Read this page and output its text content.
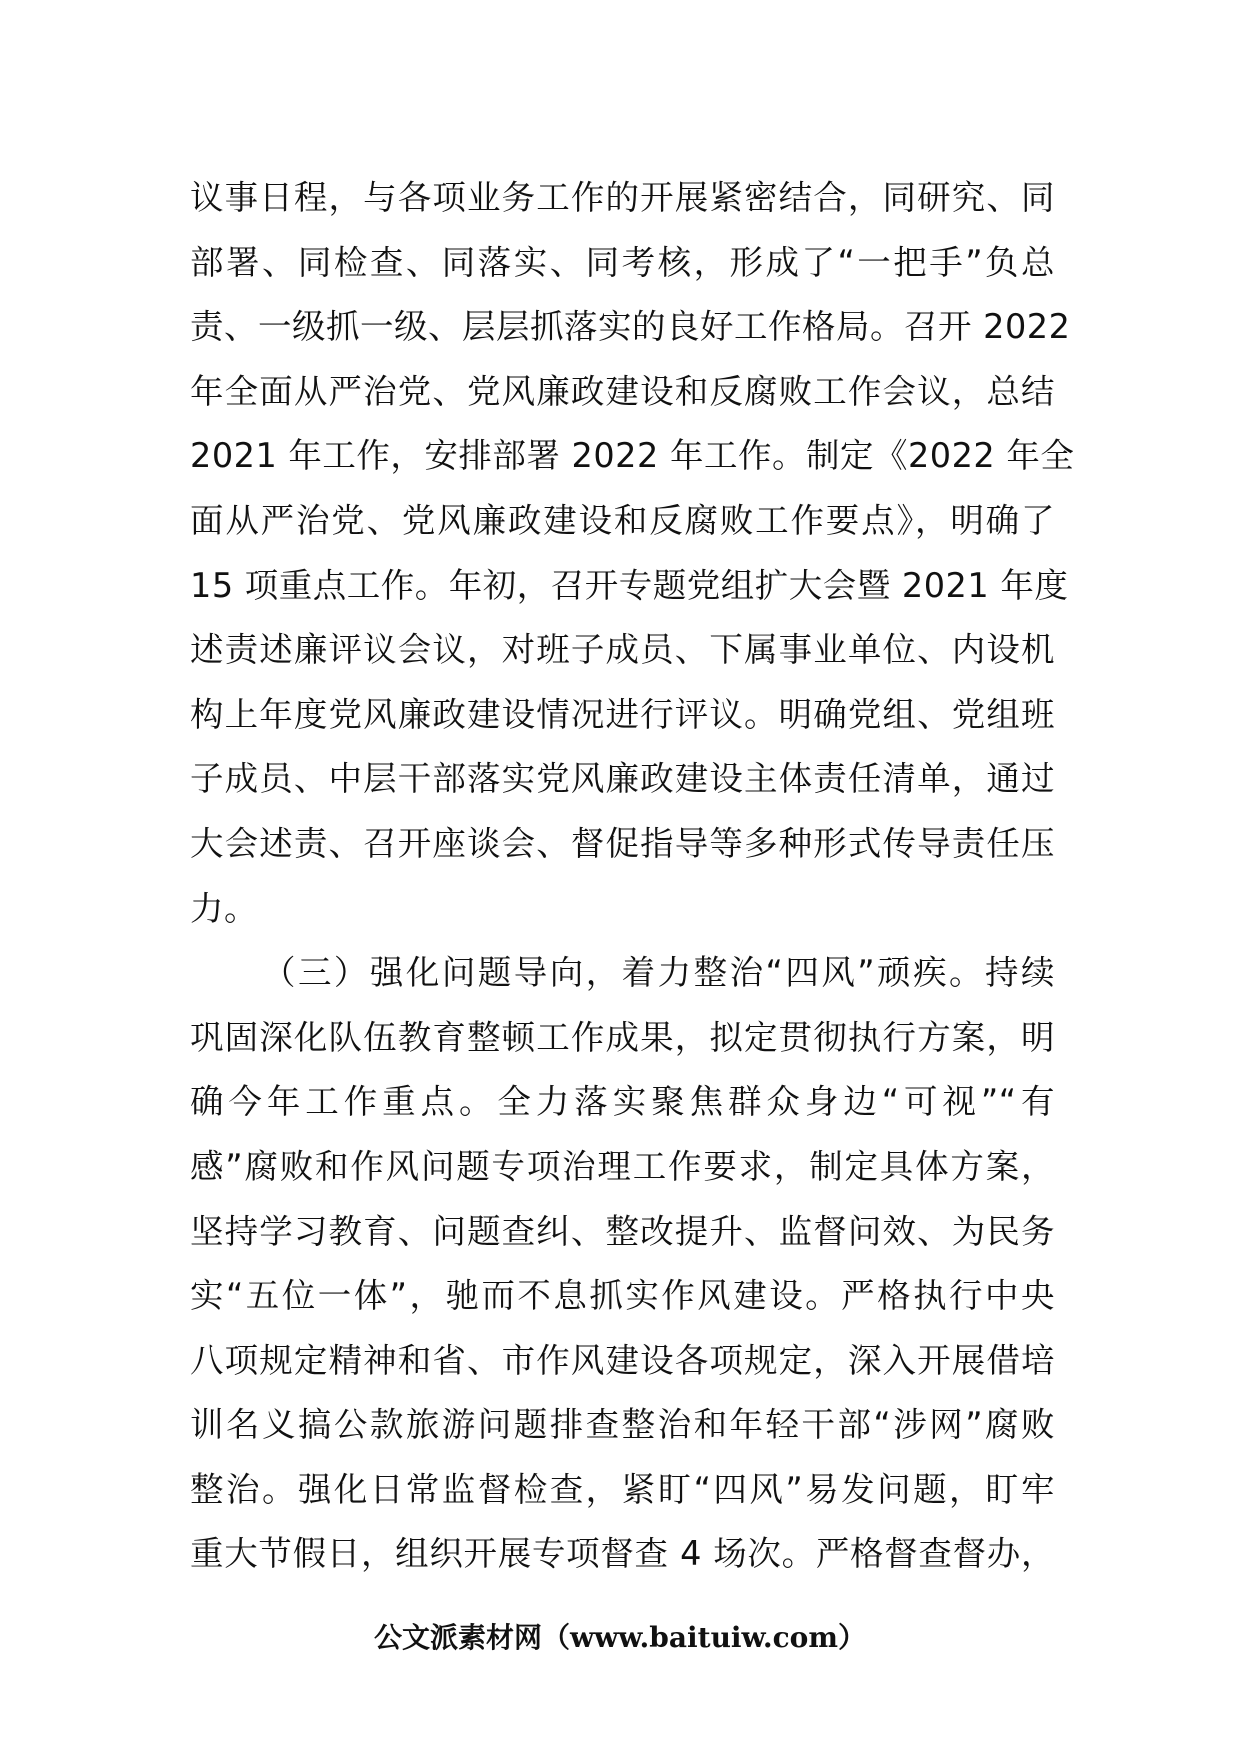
议事日程，与各项业务工作的开展紧密结合，同研究、同
部署、同检查、同落实、同考核，形成了“一把手”负总
责、一级抓一级、层层抓落实的良好工作格局。召开 2022
年全面从严治党、党风廉政建设和反腐败工作会议，总结
2021 年工作，安排部署 2022 年工作。制定《2022 年全
面从严治党、党风廉政建设和反腐败工作要点》，明确了
15 项重点工作。年初，召开专题党组扩大会暨 2021 年度
述责述廉评议会议，对班子成员、下属事业单位、内设机
构上年度党风廉政建设情况进行评议。明确党组、党组班
子成员、中层干部落实党风廉政建设主体责任清单，通过
大会述责、召开座谈会、督促指导等多种形式传导责任压
力。
（三）强化问题导向，着力整治“四风”顽疾。持续
巩固深化队伍教育整顿工作成果，拟定贯彻执行方案，明
确今年工作重点。全力落实聚焦群众身边“可视”“有
感”腐败和作风问题专项治理工作要求，制定具体方案，
坚持学习教育、问题查纠、整改提升、监督问效、为民务
实“五位一体”，驰而不息抓实作风建设。严格执行中央
八项规定精神和省、市作风建设各项规定，深入开展借培
训名义搞公款旅游问题排查整治和年轻干部“涉网”腐败
整治。强化日常监督检查，紧盯“四风”易发问题，盯牢
重大节假日，组织开展专项督查 4 场次。严格督查督办，
公文派素材网（www.baituiw.com）
